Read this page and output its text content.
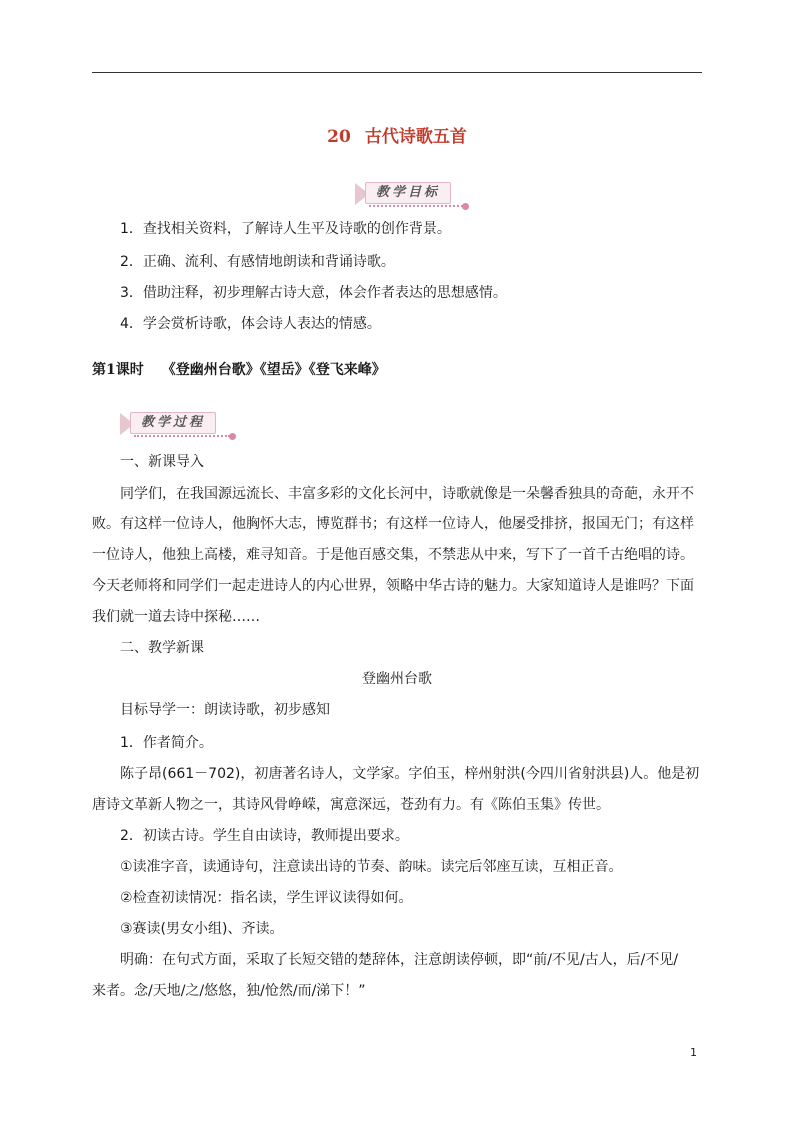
20 古代诗歌五首
教学目标
1．查找相关资料，了解诗人生平及诗歌的创作背景。
2．正确、流利、有感情地朗读和背诵诗歌。
3．借助注释，初步理解古诗大意，体会作者表达的思想感情。
4．学会赏析诗歌，体会诗人表达的情感。
第1课时 《登幽州台歌》《望岳》《登飞来峰》
教学过程
一、新课导入
同学们，在我国源远流长、丰富多彩的文化长河中，诗歌就像是一朵馨香独具的奇葩，永开不
败。有这样一位诗人，他胸怀大志，博览群书；有这样一位诗人，他屡受排挤，报国无门；有这样
一位诗人，他独上高楼，难寻知音。于是他百感交集，不禁悲从中来，写下了一首千古绝唱的诗。
今天老师将和同学们一起走进诗人的内心世界，领略中华古诗的魅力。大家知道诗人是谁吗？下面
我们就一道去诗中探秘……
二、教学新课
登幽州台歌
目标导学一：朗读诗歌，初步感知
1．作者简介。
陈子昂(661－702)，初唐著名诗人，文学家。字伯玉，梓州射洪(今四川省射洪县)人。他是初
唐诗文革新人物之一，其诗风骨峥嵘，寓意深远，苍劲有力。有《陈伯玉集》传世。
2．初读古诗。学生自由读诗，教师提出要求。
①读准字音，读通诗句，注意读出诗的节奏、韵味。读完后邻座互读，互相正音。
②检查初读情况：指名读，学生评议读得如何。
③赛读(男女小组)、齐读。
明确：在句式方面，采取了长短交错的楚辞体，注意朗读停顿，即“前/不见/古人，后/不见/
来者。念/天地/之/悠悠，独/怆然/而/涕下！”
1
